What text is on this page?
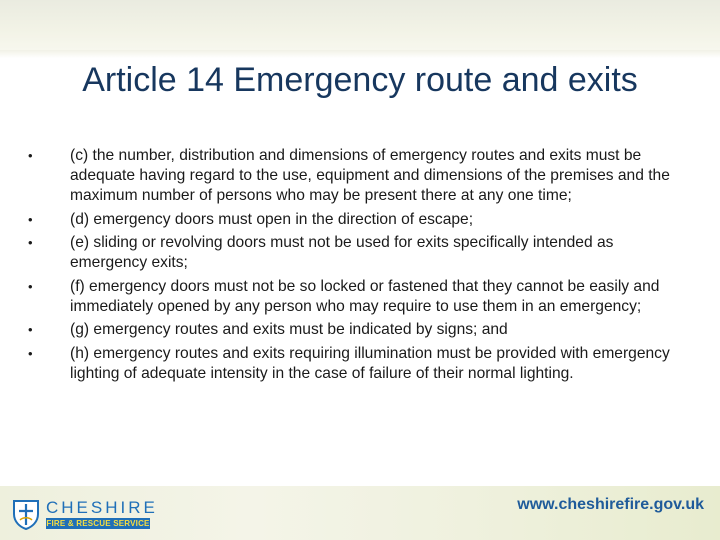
Article 14 Emergency route and exits
•	(c) the number, distribution and dimensions of emergency routes and exits must be adequate having regard to the use, equipment and dimensions of the premises and the maximum number of persons who may be present there at any one time;
•	(d) emergency doors must open in the direction of escape;
•	(e) sliding or revolving doors must not be used for exits specifically intended as emergency exits;
•	(f) emergency doors must not be so locked or fastened that they cannot be easily and immediately opened by any person who may require to use them in an emergency;
•	(g) emergency routes and exits must be indicated by signs; and
•	(h) emergency routes and exits requiring illumination must be provided with emergency lighting of adequate intensity in the case of failure of their normal lighting.
CHESHIRE
FIRE & RESCUE SERVICE
www.cheshirefire.gov.uk
